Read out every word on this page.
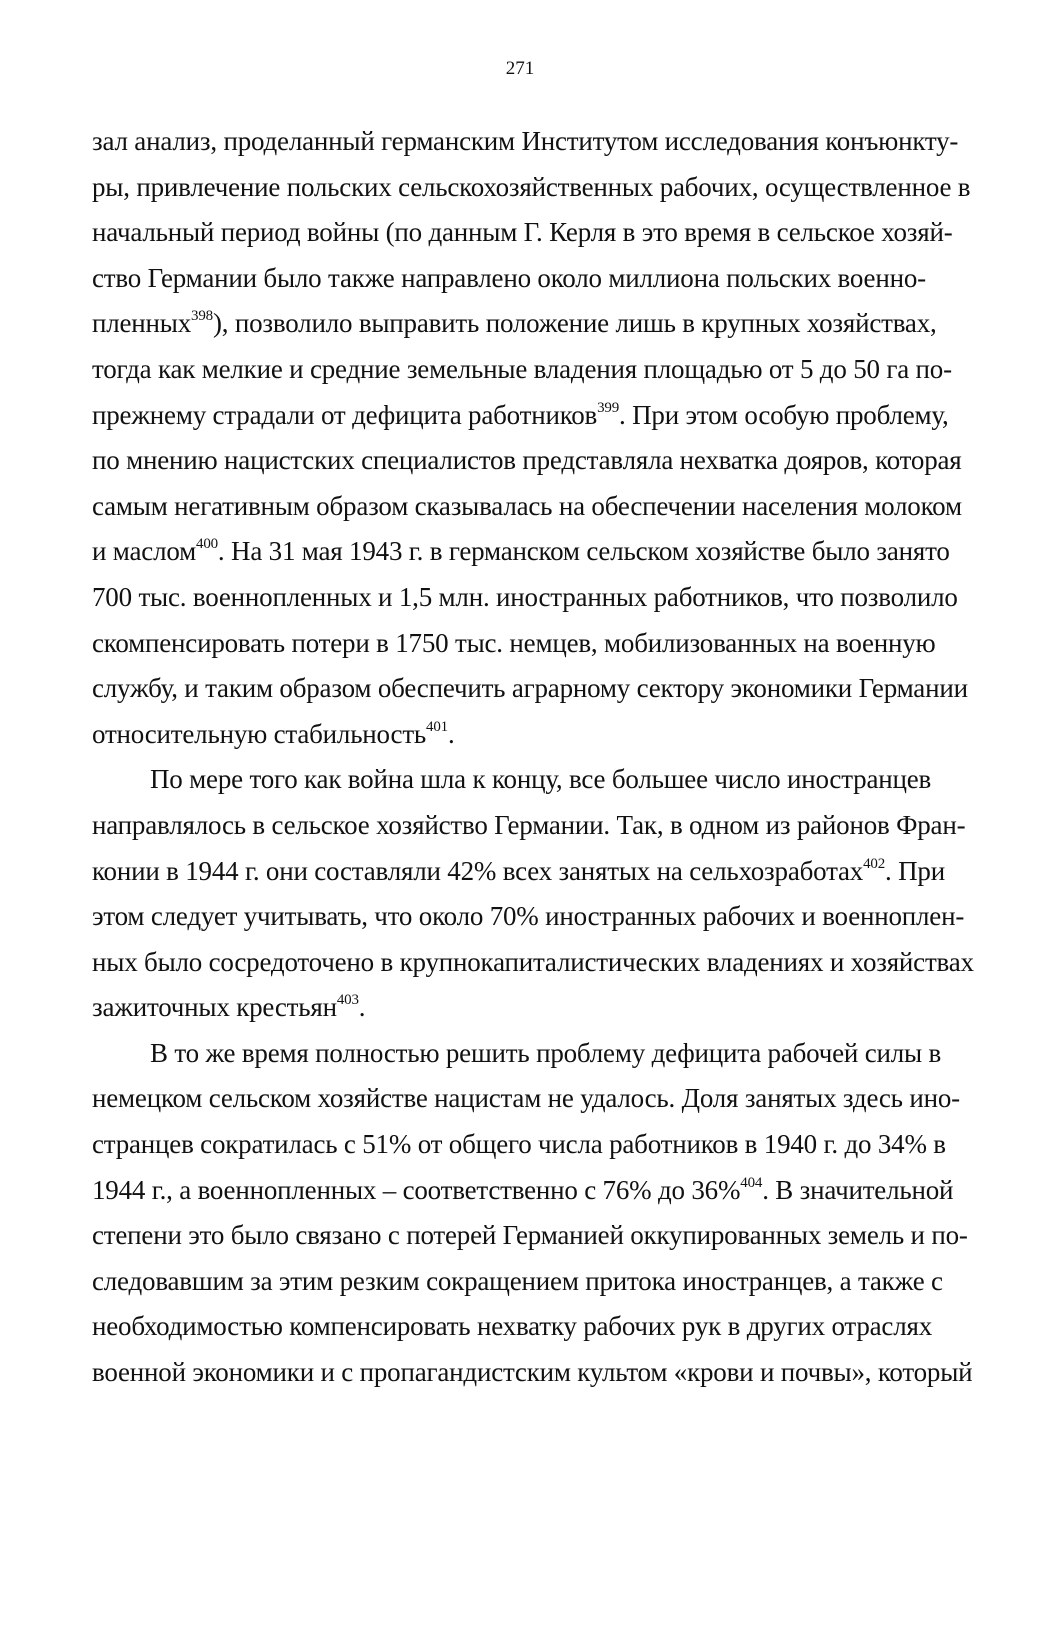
271
зал анализ, проделанный германским Институтом исследования конъюнкту-
ры, привлечение польских сельскохозяйственных рабочих, осуществленное в
начальный период войны (по данным Г. Керля в это время в сельское хозяй-
ство Германии было также направлено около миллиона польских военно-
пленных$^{398}$), позволило выправить положение лишь в крупных хозяйствах,
тогда как мелкие и средние земельные владения площадью от 5 до 50 га по-
прежнему страдали от дефицита работников$^{399}$. При этом особую проблему,
по мнению нацистских специалистов представляла нехватка дояров, которая
самым негативным образом сказывалась на обеспечении населения молоком
и маслом$^{400}$. На 31 мая 1943 г. в германском сельском хозяйстве было занято
700 тыс. военнопленных и 1,5 млн. иностранных работников, что позволило
скомпенсировать потери в 1750 тыс. немцев, мобилизованных на военную
службу, и таким образом обеспечить аграрному сектору экономики Германии
относительную стабильность$^{401}$.
По мере того как война шла к концу, все большее число иностранцев
направлялось в сельское хозяйство Германии. Так, в одном из районов Фран-
конии в 1944 г. они составляли 42% всех занятых на сельхозработах$^{402}$. При
этом следует учитывать, что около 70% иностранных рабочих и военноплен-
ных было сосредоточено в крупнокапиталистических владениях и хозяйствах
зажиточных крестьян$^{403}$.
В то же время полностью решить проблему дефицита рабочей силы в
немецком сельском хозяйстве нацистам не удалось. Доля занятых здесь ино-
странцев сократилась с 51% от общего числа работников в 1940 г. до 34% в
1944 г., а военнопленных – соответственно с 76% до 36%$^{404}$. В значительной
степени это было связано с потерей Германией оккупированных земель и по-
следовавшим за этим резким сокращением притока иностранцев, а также с
необходимостью компенсировать нехватку рабочих рук в других отраслях
военной экономики и с пропагандистским культом «крови и почвы», который
